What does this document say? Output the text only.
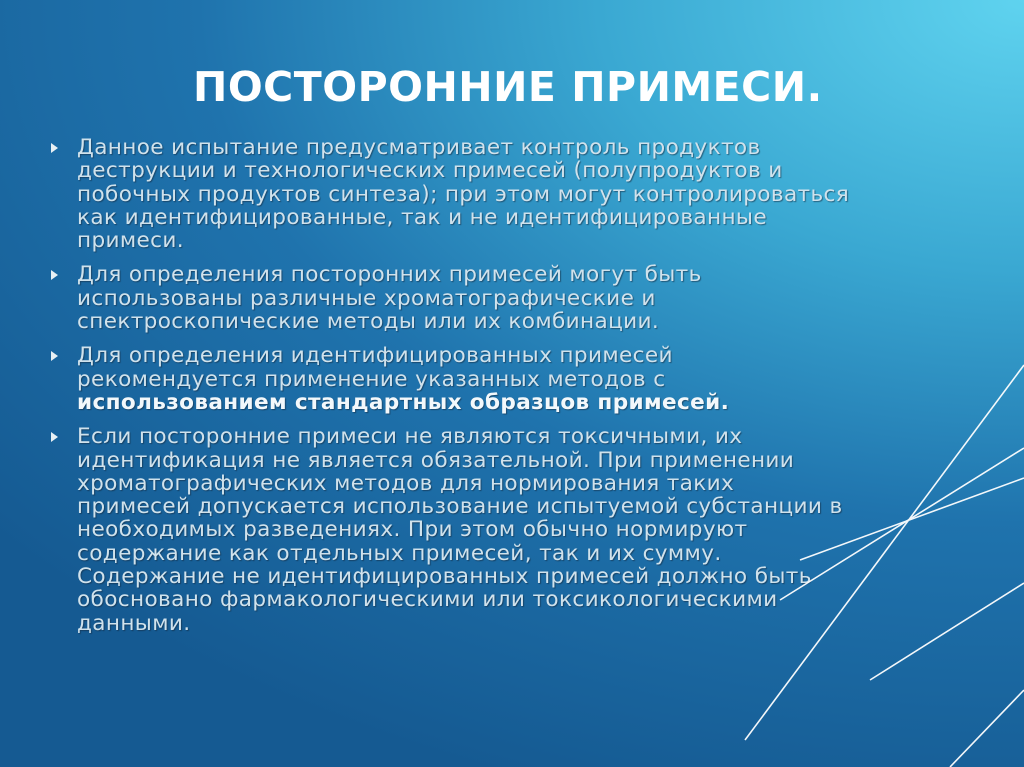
ПОСТОРОННИЕ ПРИМЕСИ.
Данное испытание предусматривает контроль продуктов
деструкции и технологических примесей (полупродуктов и
побочных продуктов синтеза); при этом могут контролироваться
как идентифицированные, так и не идентифицированные
примеси.
Для определения посторонних примесей могут быть
использованы различные хроматографические и
спектроскопические методы или их комбинации.
Для определения идентифицированных примесей
рекомендуется применение указанных методов с
использованием стандартных образцов примесей.
Если посторонние примеси не являются токсичными, их
идентификация не является обязательной. При применении
хроматографических методов для нормирования таких
примесей допускается использование испытуемой субстанции в
необходимых разведениях. При этом обычно нормируют
содержание как отдельных примесей, так и их сумму.
Содержание не идентифицированных примесей должно быть
обосновано фармакологическими или токсикологическими
данными.
